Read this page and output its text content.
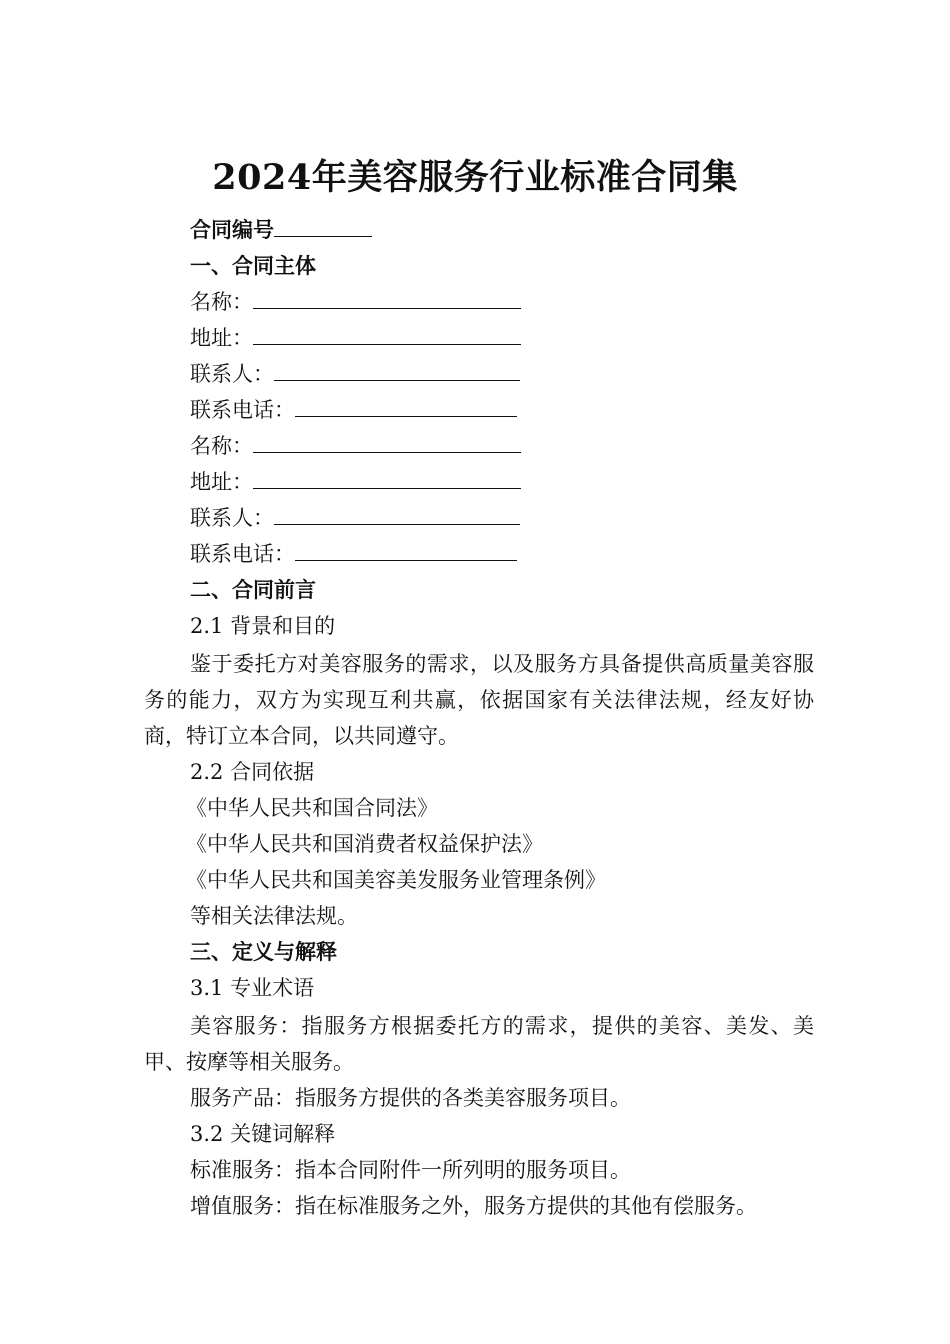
2024年美容服务行业标准合同集
合同编号
一、合同主体
名称：
地址：
联系人：
联系电话：
名称：
地址：
联系人：
联系电话：
二、合同前言
2.1 背景和目的
鉴于委托方对美容服务的需求，以及服务方具备提供高质量美容服务的能力，双方为实现互利共赢，依据国家有关法律法规，经友好协商，特订立本合同，以共同遵守。
2.2 合同依据
《中华人民共和国合同法》
《中华人民共和国消费者权益保护法》
《中华人民共和国美容美发服务业管理条例》
等相关法律法规。
三、定义与解释
3.1 专业术语
美容服务：指服务方根据委托方的需求，提供的美容、美发、美甲、按摩等相关服务。
服务产品：指服务方提供的各类美容服务项目。
3.2 关键词解释
标准服务：指本合同附件一所列明的服务项目。
增值服务：指在标准服务之外，服务方提供的其他有偿服务。
